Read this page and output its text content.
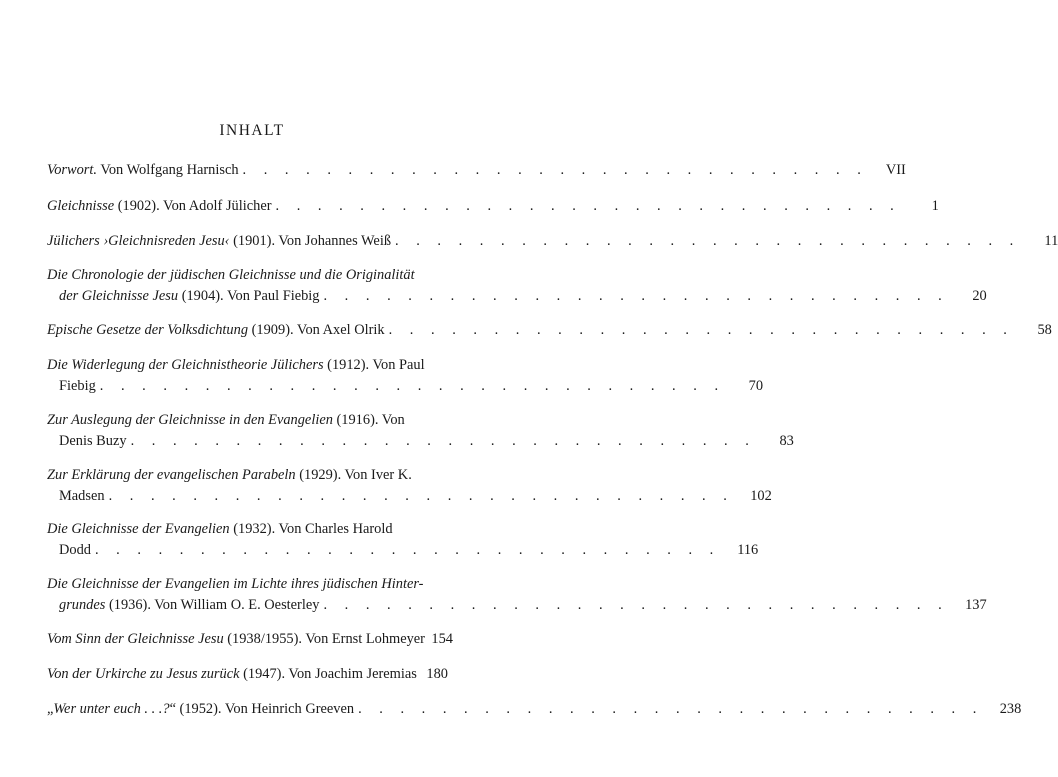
INHALT
Vorwort. Von Wolfgang Harnisch . . . . . . . . . . . . . . . . . . . . . . . . . . . . . .	VII
Gleichnisse (1902). Von Adolf Jülicher . . . . . . . . . . . . . . . . . . . . . . . . . . . . . .	1
Jülichers ›Gleichnisreden Jesu‹ (1901). Von Johannes Weiß . . . . . . . . . . . . . . . . . . . . . . . . . . . . . .	11
Die Chronologie der jüdischen Gleichnisse und die Originalität
der Gleichnisse Jesu (1904). Von Paul Fiebig . . . . . . . . . . . . . . . . . . . . . . . . . . . . . .	20
Epische Gesetze der Volksdichtung (1909). Von Axel Olrik . . . . . . . . . . . . . . . . . . . . . . . . . . . . . .	58
Die Widerlegung der Gleichnistheorie Jülichers (1912). Von Paul
Fiebig . . . . . . . . . . . . . . . . . . . . . . . . . . . . . .	70
Zur Auslegung der Gleichnisse in den Evangelien (1916). Von
Denis Buzy . . . . . . . . . . . . . . . . . . . . . . . . . . . . . .	83
Zur Erklärung der evangelischen Parabeln (1929). Von Iver K.
Madsen . . . . . . . . . . . . . . . . . . . . . . . . . . . . . .	102
Die Gleichnisse der Evangelien (1932). Von Charles Harold
Dodd . . . . . . . . . . . . . . . . . . . . . . . . . . . . . .	116
Die Gleichnisse der Evangelien im Lichte ihres jüdischen Hinter-
grundes (1936). Von William O. E. Oesterley . . . . . . . . . . . . . . . . . . . . . . . . . . . . . .	137
Vom Sinn der Gleichnisse Jesu (1938/1955). Von Ernst Lohmeyer 154
Von der Urkirche zu Jesus zurück (1947). Von Joachim Jeremias 180
„Wer unter euch . . .?“ (1952). Von Heinrich Greeven . . . . . . . . . . . . . . . . . . . . . . . . . . . . . .	238
